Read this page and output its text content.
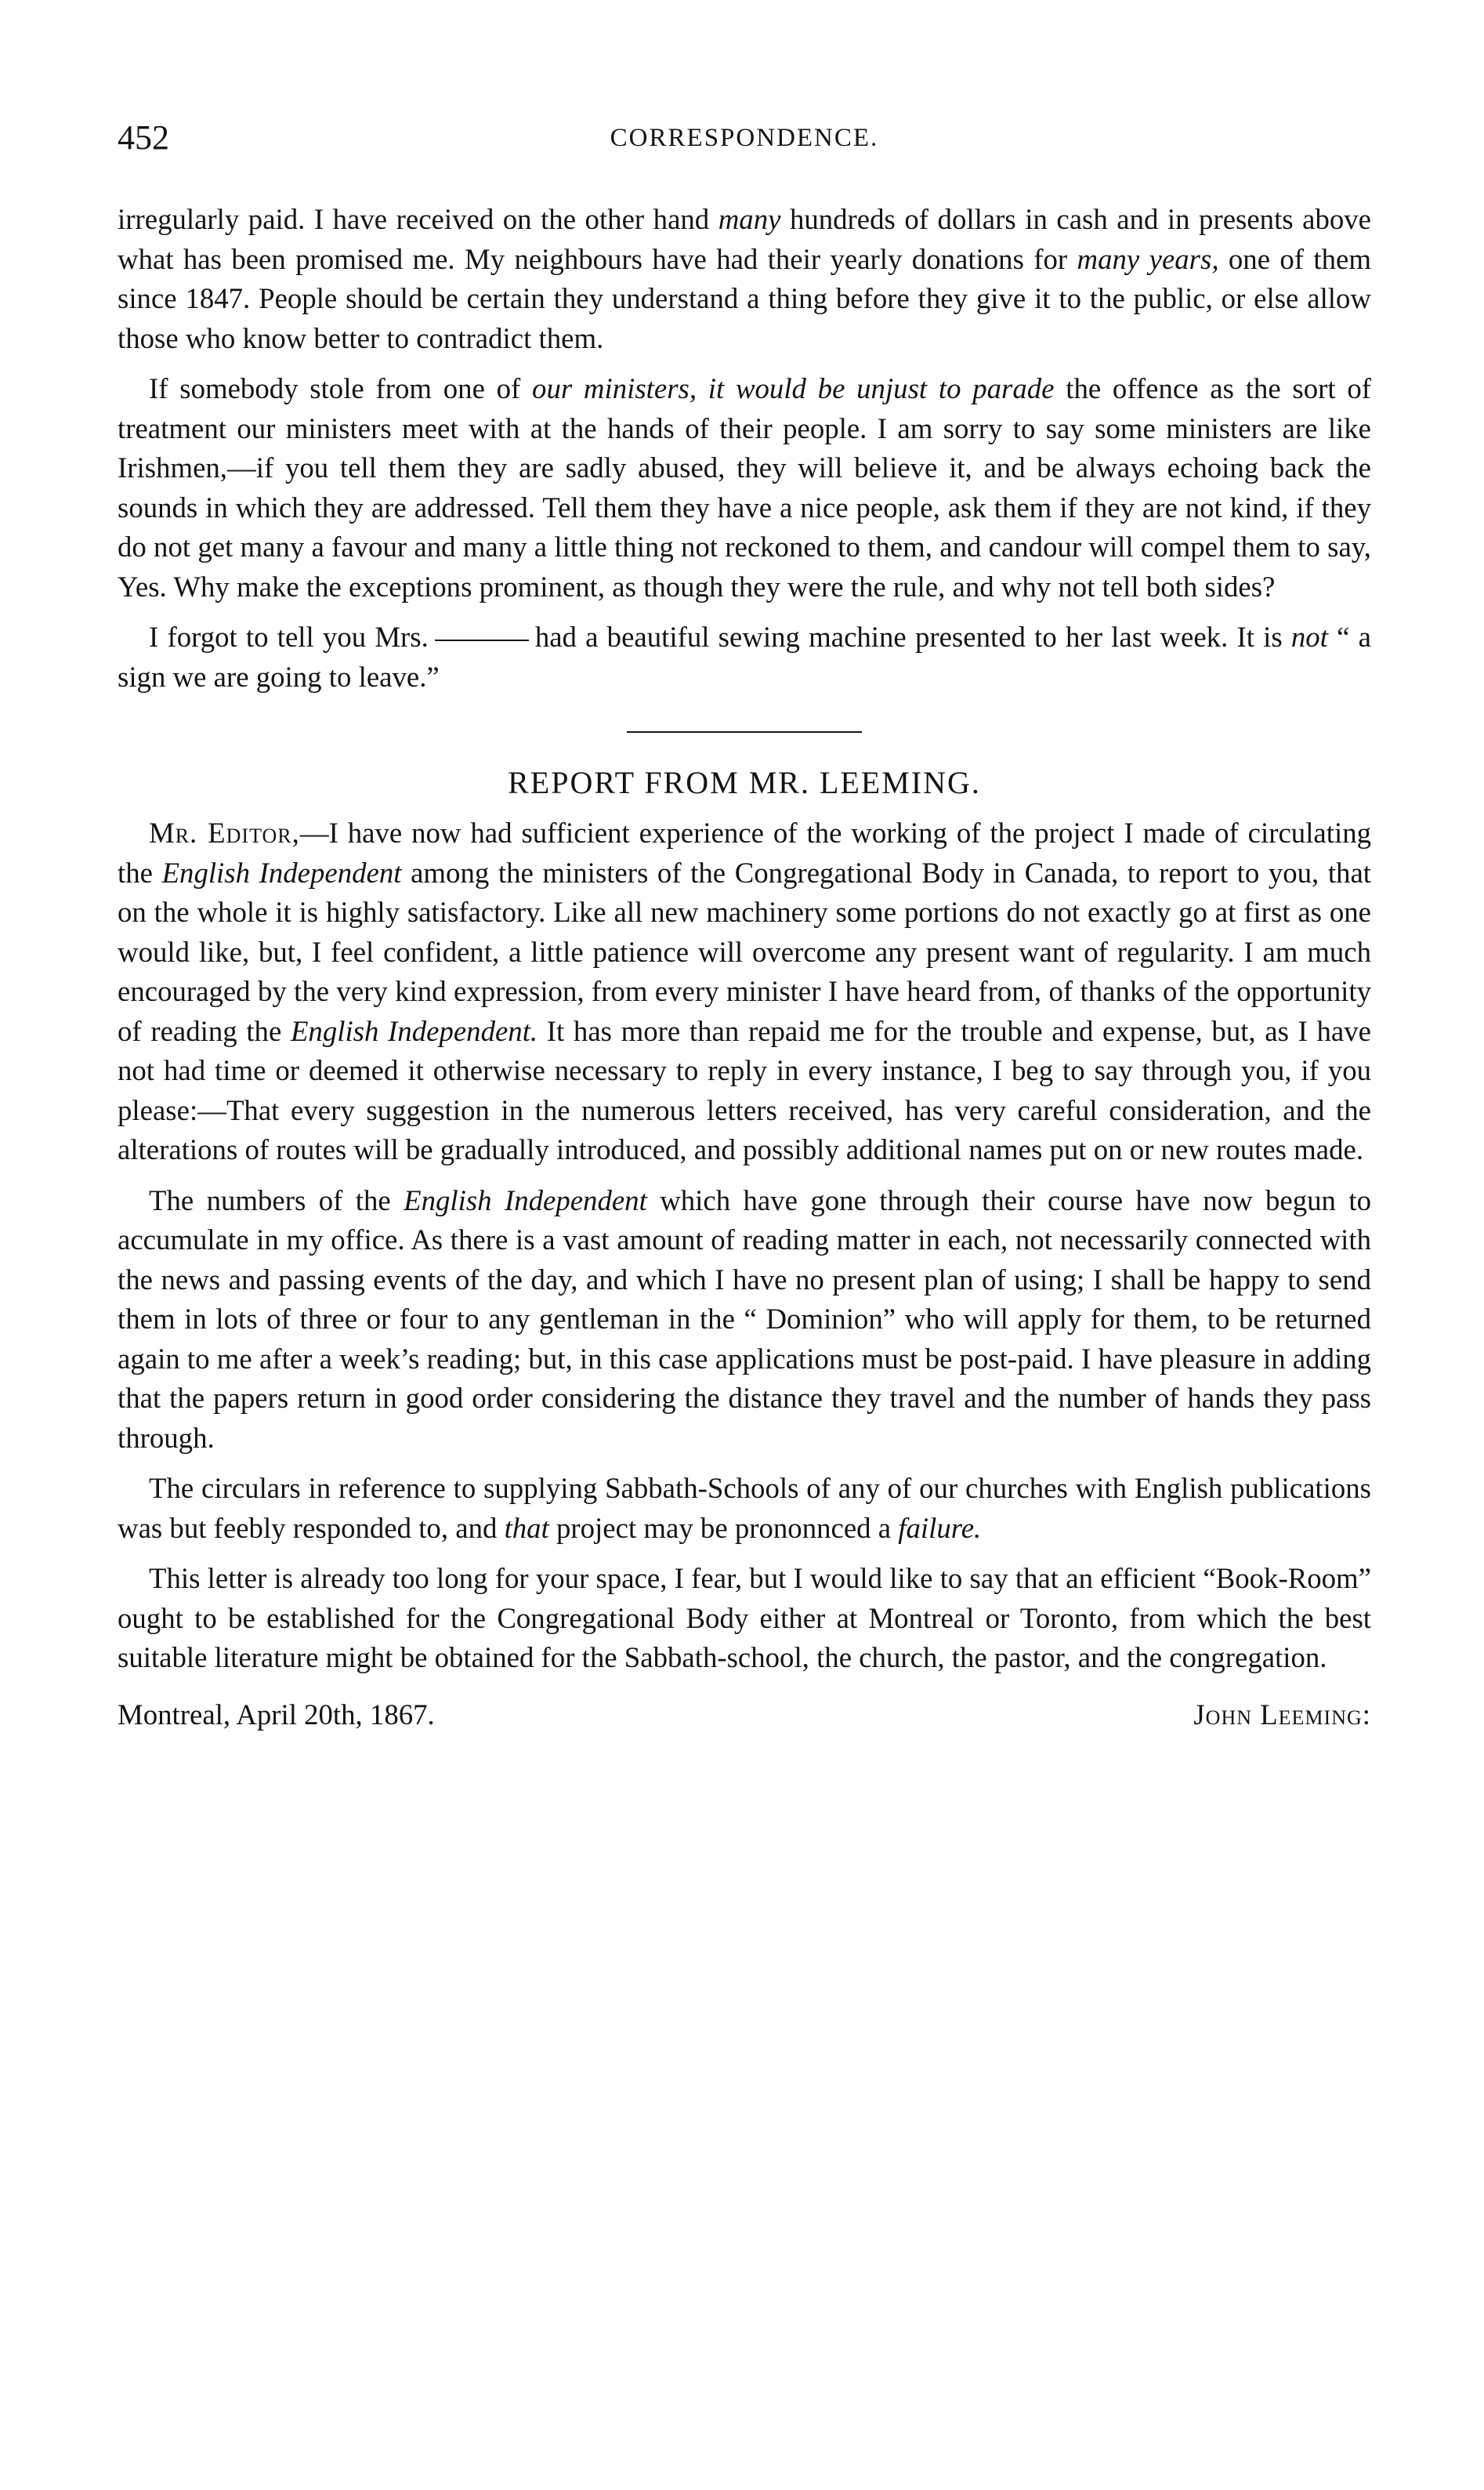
452	CORRESPONDENCE.

irregularly paid. I have received on the other hand many hundreds of dollars in cash and in presents above what has been promised me. My neighbours have had their yearly donations for many years, one of them since 1847. People should be certain they understand a thing before they give it to the public, or else allow those who know better to contradict them.

If somebody stole from one of our ministers, it would be unjust to parade the offence as the sort of treatment our ministers meet with at the hands of their people. I am sorry to say some ministers are like Irishmen,—if you tell them they are sadly abused, they will believe it, and be always echoing back the sounds in which they are addressed. Tell them they have a nice people, ask them if they are not kind, if they do not get many a favour and many a little thing not reckoned to them, and candour will compel them to say, Yes. Why make the exceptions prominent, as though they were the rule, and why not tell both sides?

I forgot to tell you Mrs.	had a beautiful sewing machine presented to her last week. It is not “ a sign we are going to leave.”

REPORT FROM MR. LEEMING.

Mr. Editor,—I have now had sufficient experience of the working of the project I made of circulating the English Independent among the ministers of the Congregational Body in Canada, to report to you, that on the whole it is highly satisfactory. Like all new machinery some portions do not exactly go at first as one would like, but, I feel confident, a little patience will overcome any present want of regularity. I am much encouraged by the very kind expression, from every minister I have heard from, of thanks of the opportunity of reading the English Independent. It has more than repaid me for the trouble and expense, but, as I have not had time or deemed it otherwise necessary to reply in every instance, I beg to say through you, if you please:—That every suggestion in the numerous letters received, has very careful consideration, and the alterations of routes will be gradually introduced, and possibly additional names put on or new routes made.

The numbers of the English Independent which have gone through their course have now begun to accumulate in my office. As there is a vast amount of reading matter in each, not necessarily connected with the news and passing events of the day, and which I have no present plan of using; I shall be happy to send them in lots of three or four to any gentleman in the “ Dominion” who will apply for them, to be returned again to me after a week’s reading; but, in this case applications must be post-paid. I have pleasure in adding that the papers return in good order considering the distance they travel and the number of hands they pass through.

The circulars in reference to supplying Sabbath-Schools of any of our churches with English publications was but feebly responded to, and that project may be prononnced a failure.

This letter is already too long for your space, I fear, but I would like to say that an efficient “Book-Room” ought to be established for the Congregational Body either at Montreal or Toronto, from which the best suitable literature might be obtained for the Sabbath-school, the church, the pastor, and the congregation.

Montreal, April 20th, 1867.	John Leeming:
